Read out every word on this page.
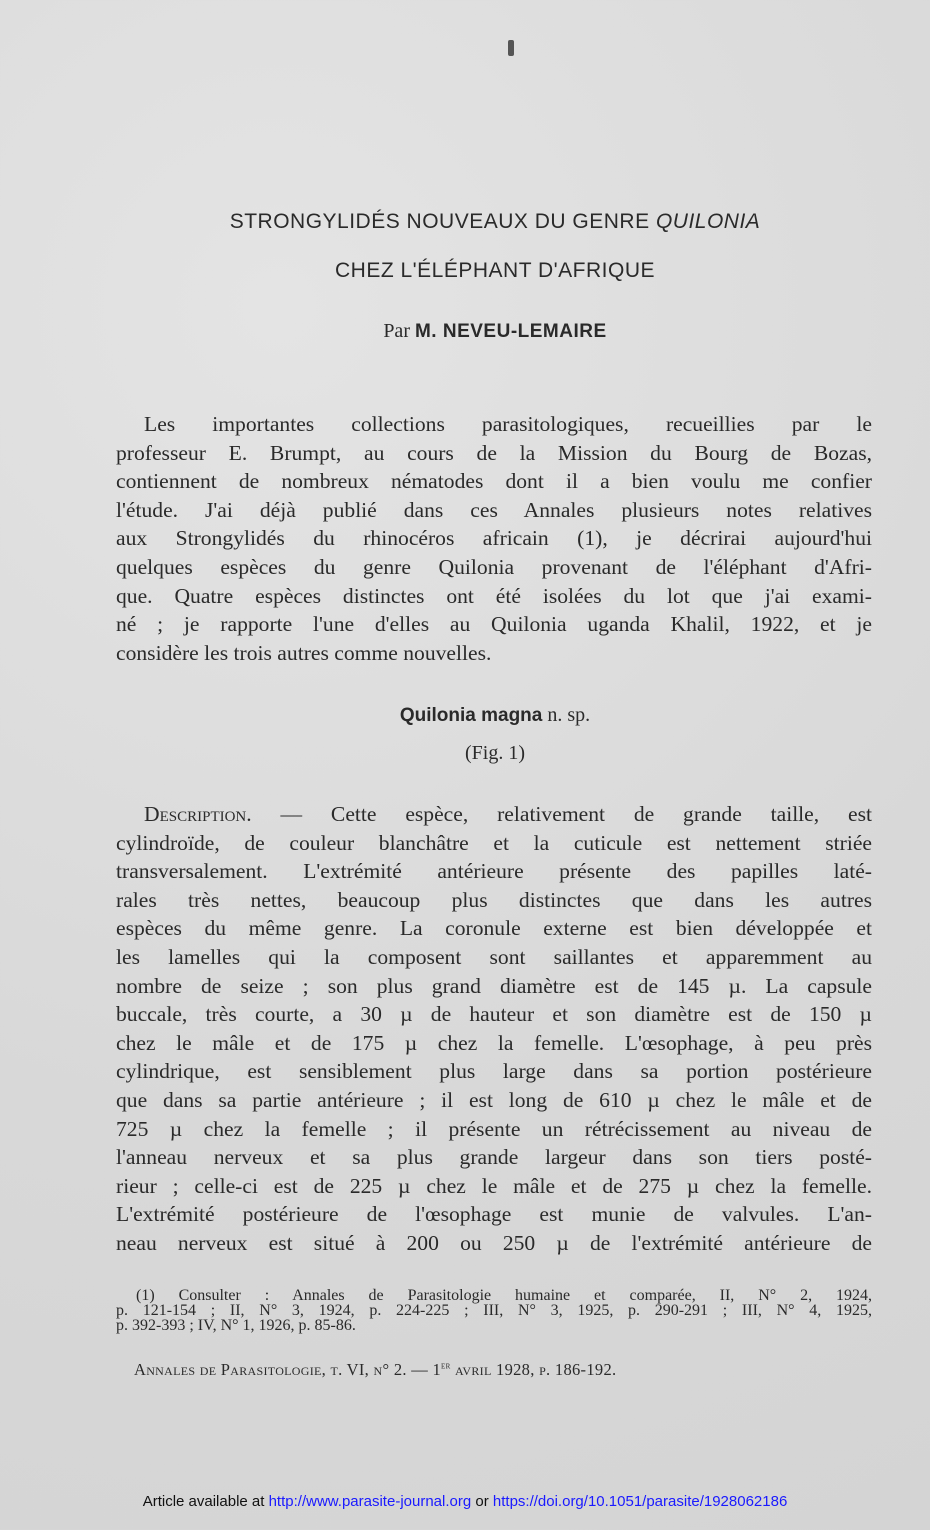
STRONGYLIDÉS NOUVEAUX DU GENRE QUILONIA
CHEZ L'ÉLÉPHANT D'AFRIQUE
Par M. NEVEU-LEMAIRE
Les importantes collections parasitologiques, recueillies par le
professeur E. Brumpt, au cours de la Mission du Bourg de Bozas,
contiennent de nombreux nématodes dont il a bien voulu me confier
l'étude. J'ai déjà publié dans ces Annales plusieurs notes relatives
aux Strongylidés du rhinocéros africain (1), je décrirai aujourd'hui
quelques espèces du genre Quilonia provenant de l'éléphant d'Afri-
que. Quatre espèces distinctes ont été isolées du lot que j'ai exami-
né ; je rapporte l'une d'elles au Quilonia uganda Khalil, 1922, et je
considère les trois autres comme nouvelles.
Quilonia magna n. sp.
(Fig. 1)
Description. — Cette espèce, relativement de grande taille, est
cylindroïde, de couleur blanchâtre et la cuticule est nettement striée
transversalement. L'extrémité antérieure présente des papilles laté-
rales très nettes, beaucoup plus distinctes que dans les autres
espèces du même genre. La coronule externe est bien développée et
les lamelles qui la composent sont saillantes et apparemment au
nombre de seize ; son plus grand diamètre est de 145 µ. La capsule
buccale, très courte, a 30 µ de hauteur et son diamètre est de 150 µ
chez le mâle et de 175 µ chez la femelle. L'œsophage, à peu près
cylindrique, est sensiblement plus large dans sa portion postérieure
que dans sa partie antérieure ; il est long de 610 µ chez le mâle et de
725 µ chez la femelle ; il présente un rétrécissement au niveau de
l'anneau nerveux et sa plus grande largeur dans son tiers posté-
rieur ; celle-ci est de 225 µ chez le mâle et de 275 µ chez la femelle.
L'extrémité postérieure de l'œsophage est munie de valvules. L'an-
neau nerveux est situé à 200 ou 250 µ de l'extrémité antérieure de
(1) Consulter : Annales de Parasitologie humaine et comparée, II, N° 2, 1924,
p. 121-154 ; II, N° 3, 1924, p. 224-225 ; III, N° 3, 1925, p. 290-291 ; III, N° 4, 1925,
p. 392-393 ; IV, N° 1, 1926, p. 85-86.
Annales de Parasitologie, t. VI, n° 2. — 1er avril 1928, p. 186-192.
Article available at http://www.parasite-journal.org or https://doi.org/10.1051/parasite/1928062186
